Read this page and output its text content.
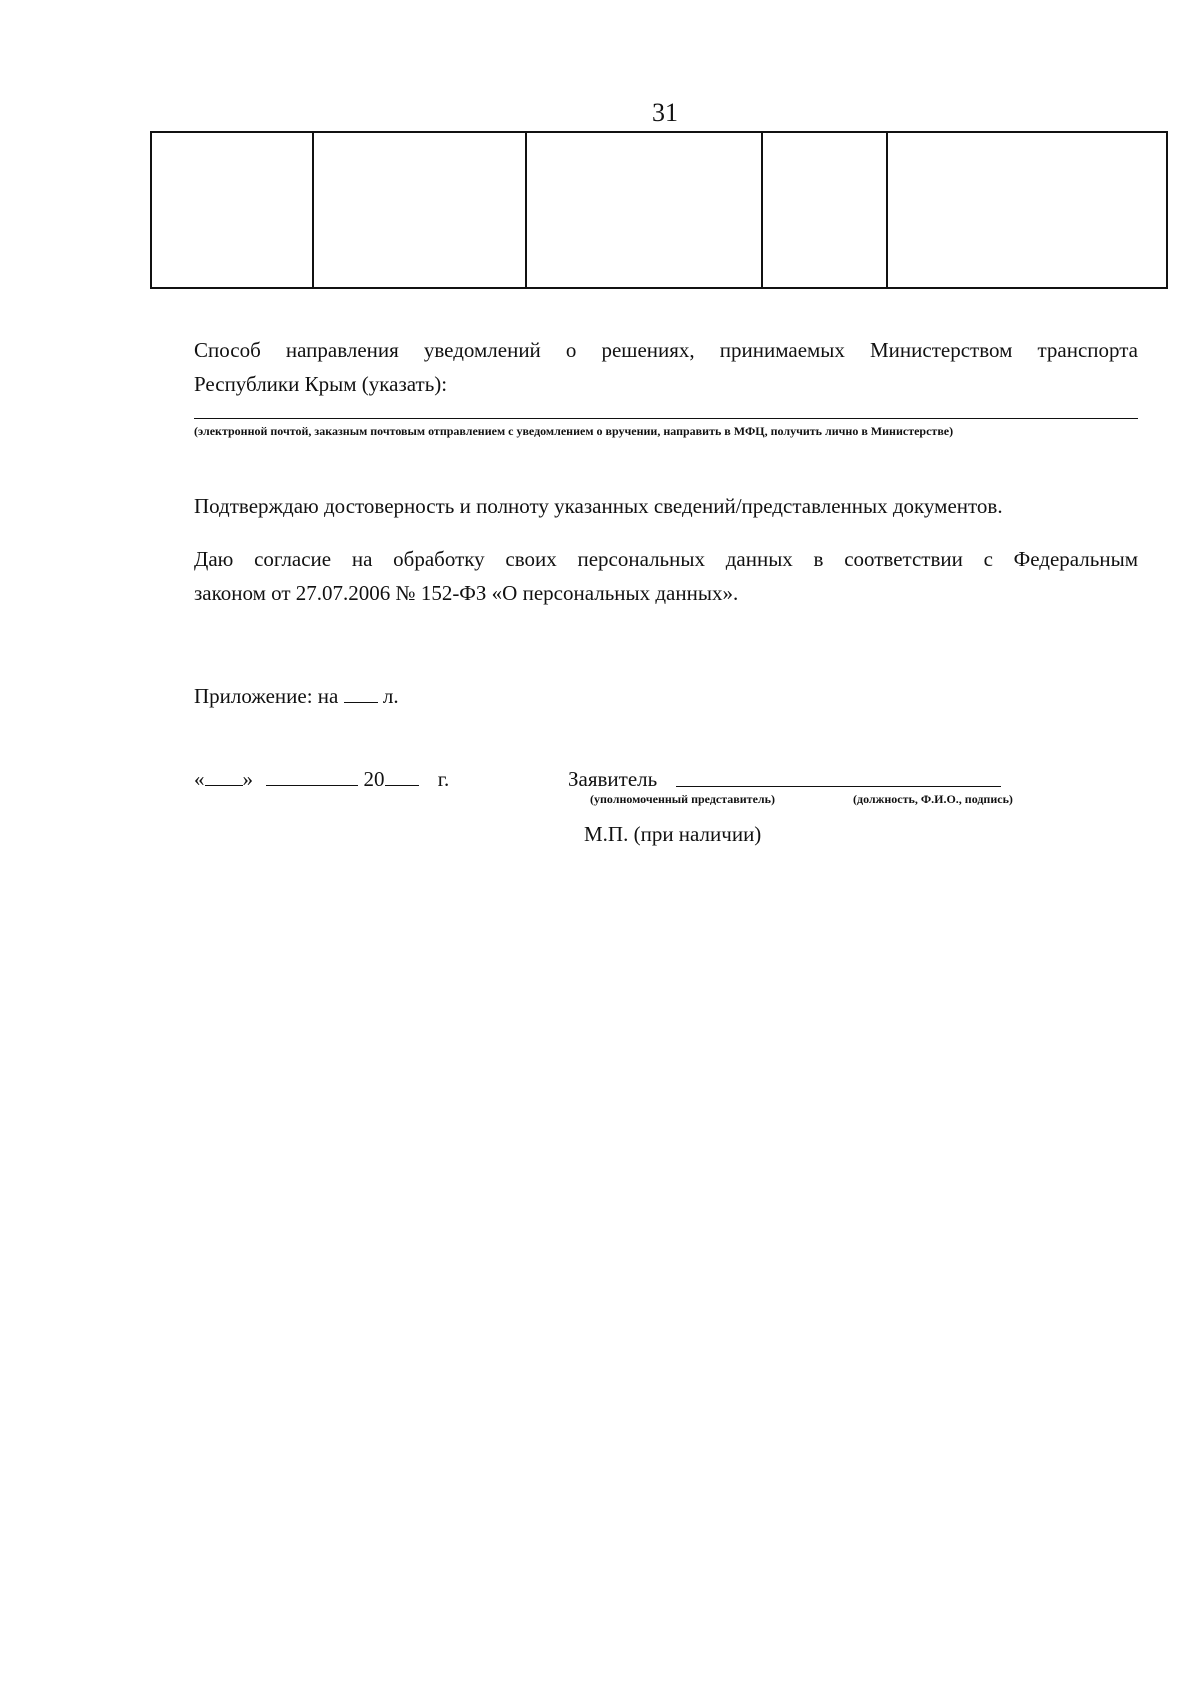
31

Способ направления уведомлений о решениях, принимаемых Министерством транспорта
Республики Крым (указать):
(электронной почтой, заказным почтовым отправлением с уведомлением о вручении, направить в МФЦ, получить лично в Министерстве)
Подтверждаю достоверность и полноту указанных сведений/представленных документов.
Даю согласие на обработку своих персональных данных в соответствии с Федеральным
законом от 27.07.2006 № 152-ФЗ «О персональных данных».
Приложение: на л.
« »	20	г.	Заявитель
(уполномоченный представитель)	(должность, Ф.И.О., подпись)
М.П. (при наличии)
